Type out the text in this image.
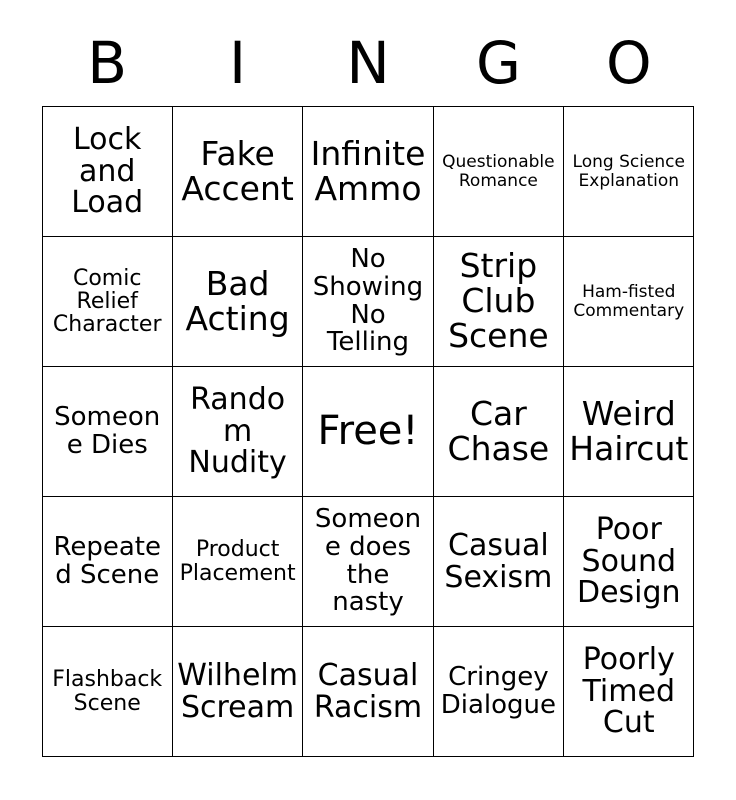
B	I	N	G	O
Lock and Load	Fake Accent	Infinite Ammo	Questionable Romance	Long Science Explanation
Comic Relief Character	Bad Acting	No Showing No Telling	Strip Club Scene	Ham-fisted Commentary
Someone Dies	Random Nudity	Free!	Car Chase	Weird Haircut
Repeated Scene	Product Placement	Someone does the nasty	Casual Sexism	Poor Sound Design
Flashback Scene	Wilhelm Scream	Casual Racism	Cringey Dialogue	Poorly Timed Cut
